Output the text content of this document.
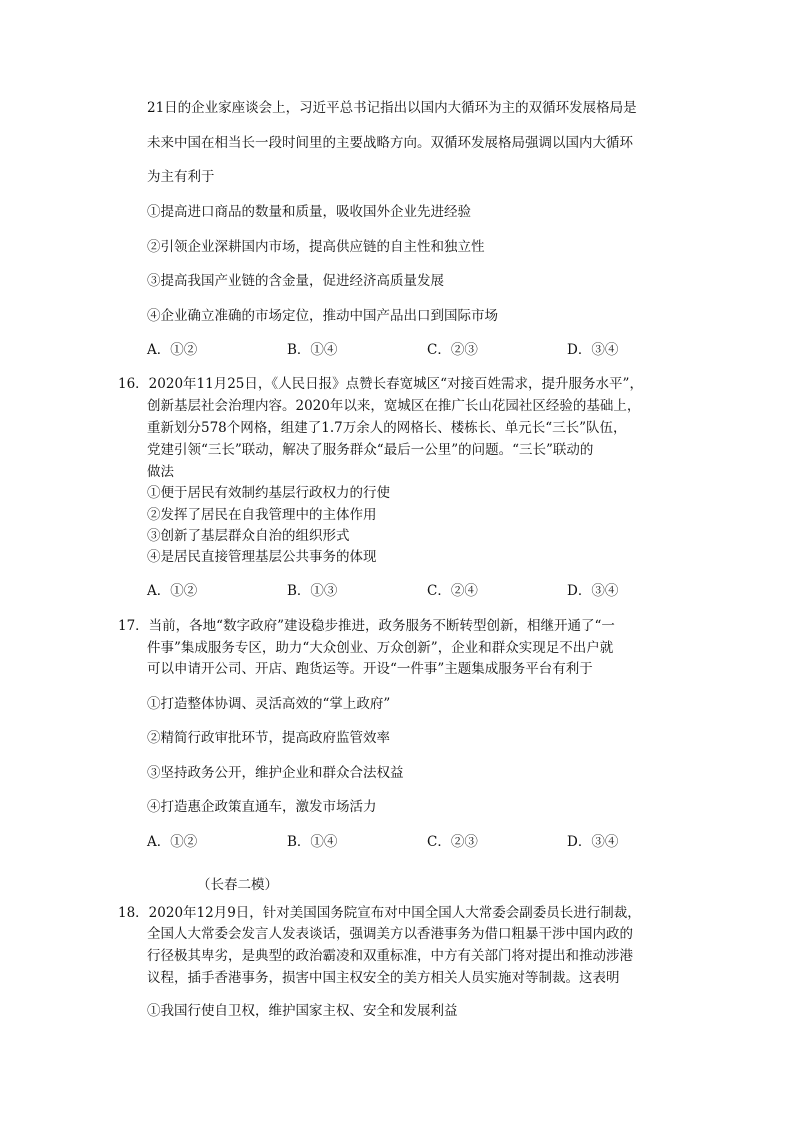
21日的企业家座谈会上，习近平总书记指出以国内大循环为主的双循环发展格局是
未来中国在相当长一段时间里的主要战略方向。双循环发展格局强调以国内大循环
为主有利于
①提高进口商品的数量和质量，吸收国外企业先进经验
②引领企业深耕国内市场，提高供应链的自主性和独立性
③提高我国产业链的含金量，促进经济高质量发展
④企业确立准确的市场定位，推动中国产品出口到国际市场
A．①②	B．①④	C．②③	D．③④
16．2020年11月25日，《人民日报》点赞长春宽城区“对接百姓需求，提升服务水平”，
创新基层社会治理内容。2020年以来，宽城区在推广长山花园社区经验的基础上，
重新划分578个网格，组建了1.7万余人的网格长、楼栋长、单元长“三长”队伍，
党建引领“三长”联动，解决了服务群众“最后一公里”的问题。“三长”联动的
做法
①便于居民有效制约基层行政权力的行使
②发挥了居民在自我管理中的主体作用
③创新了基层群众自治的组织形式
④是居民直接管理基层公共事务的体现
A．①②	B．①③	C．②④	D．③④
17．当前，各地“数字政府”建设稳步推进，政务服务不断转型创新，相继开通了“一
件事”集成服务专区，助力“大众创业、万众创新”，企业和群众实现足不出户就
可以申请开公司、开店、跑货运等。开设“一件事”主题集成服务平台有利于
①打造整体协调、灵活高效的“掌上政府”
②精简行政审批环节，提高政府监管效率
③坚持政务公开，维护企业和群众合法权益
④打造惠企政策直通车，激发市场活力
A．①②	B．①④	C．②③	D．③④
（长春二模）
18．2020年12月9日，针对美国国务院宣布对中国全国人大常委会副委员长进行制裁，
全国人大常委会发言人发表谈话，强调美方以香港事务为借口粗暴干涉中国内政的
行径极其卑劣，是典型的政治霸凌和双重标准，中方有关部门将对提出和推动涉港
议程，插手香港事务，损害中国主权安全的美方相关人员实施对等制裁。这表明
①我国行使自卫权，维护国家主权、安全和发展利益
